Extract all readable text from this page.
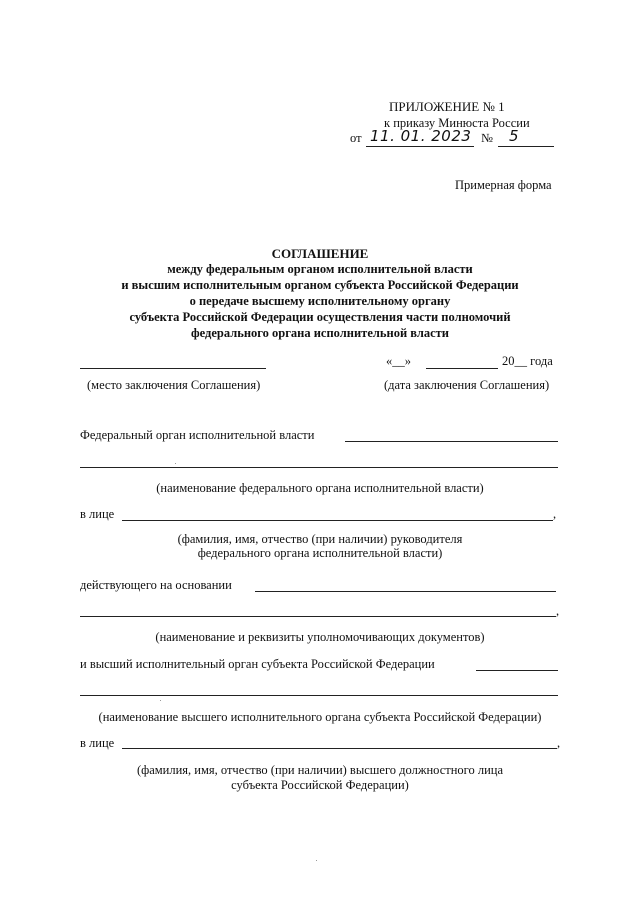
ПРИЛОЖЕНИЕ № 1
к приказу Минюста России
от 11. 01. 2023 № 5
Примерная форма
СОГЛАШЕНИЕ
между федеральным органом исполнительной власти
и высшим исполнительным органом субъекта Российской Федерации
о передаче высшему исполнительному органу
субъекта Российской Федерации осуществления части полномочий
федерального органа исполнительной власти
«__»	20__ года
(место заключения Соглашения)	(дата заключения Соглашения)
Федеральный орган исполнительной власти
(наименование федерального органа исполнительной власти)
в лице	,
(фамилия, имя, отчество (при наличии) руководителя
федерального органа исполнительной власти)
действующего на основании
,
(наименование и реквизиты уполномочивающих документов)
и высший исполнительный орган субъекта Российской Федерации
(наименование высшего исполнительного органа субъекта Российской Федерации)
в лице	,
(фамилия, имя, отчество (при наличии) высшего должностного лица
субъекта Российской Федерации)
